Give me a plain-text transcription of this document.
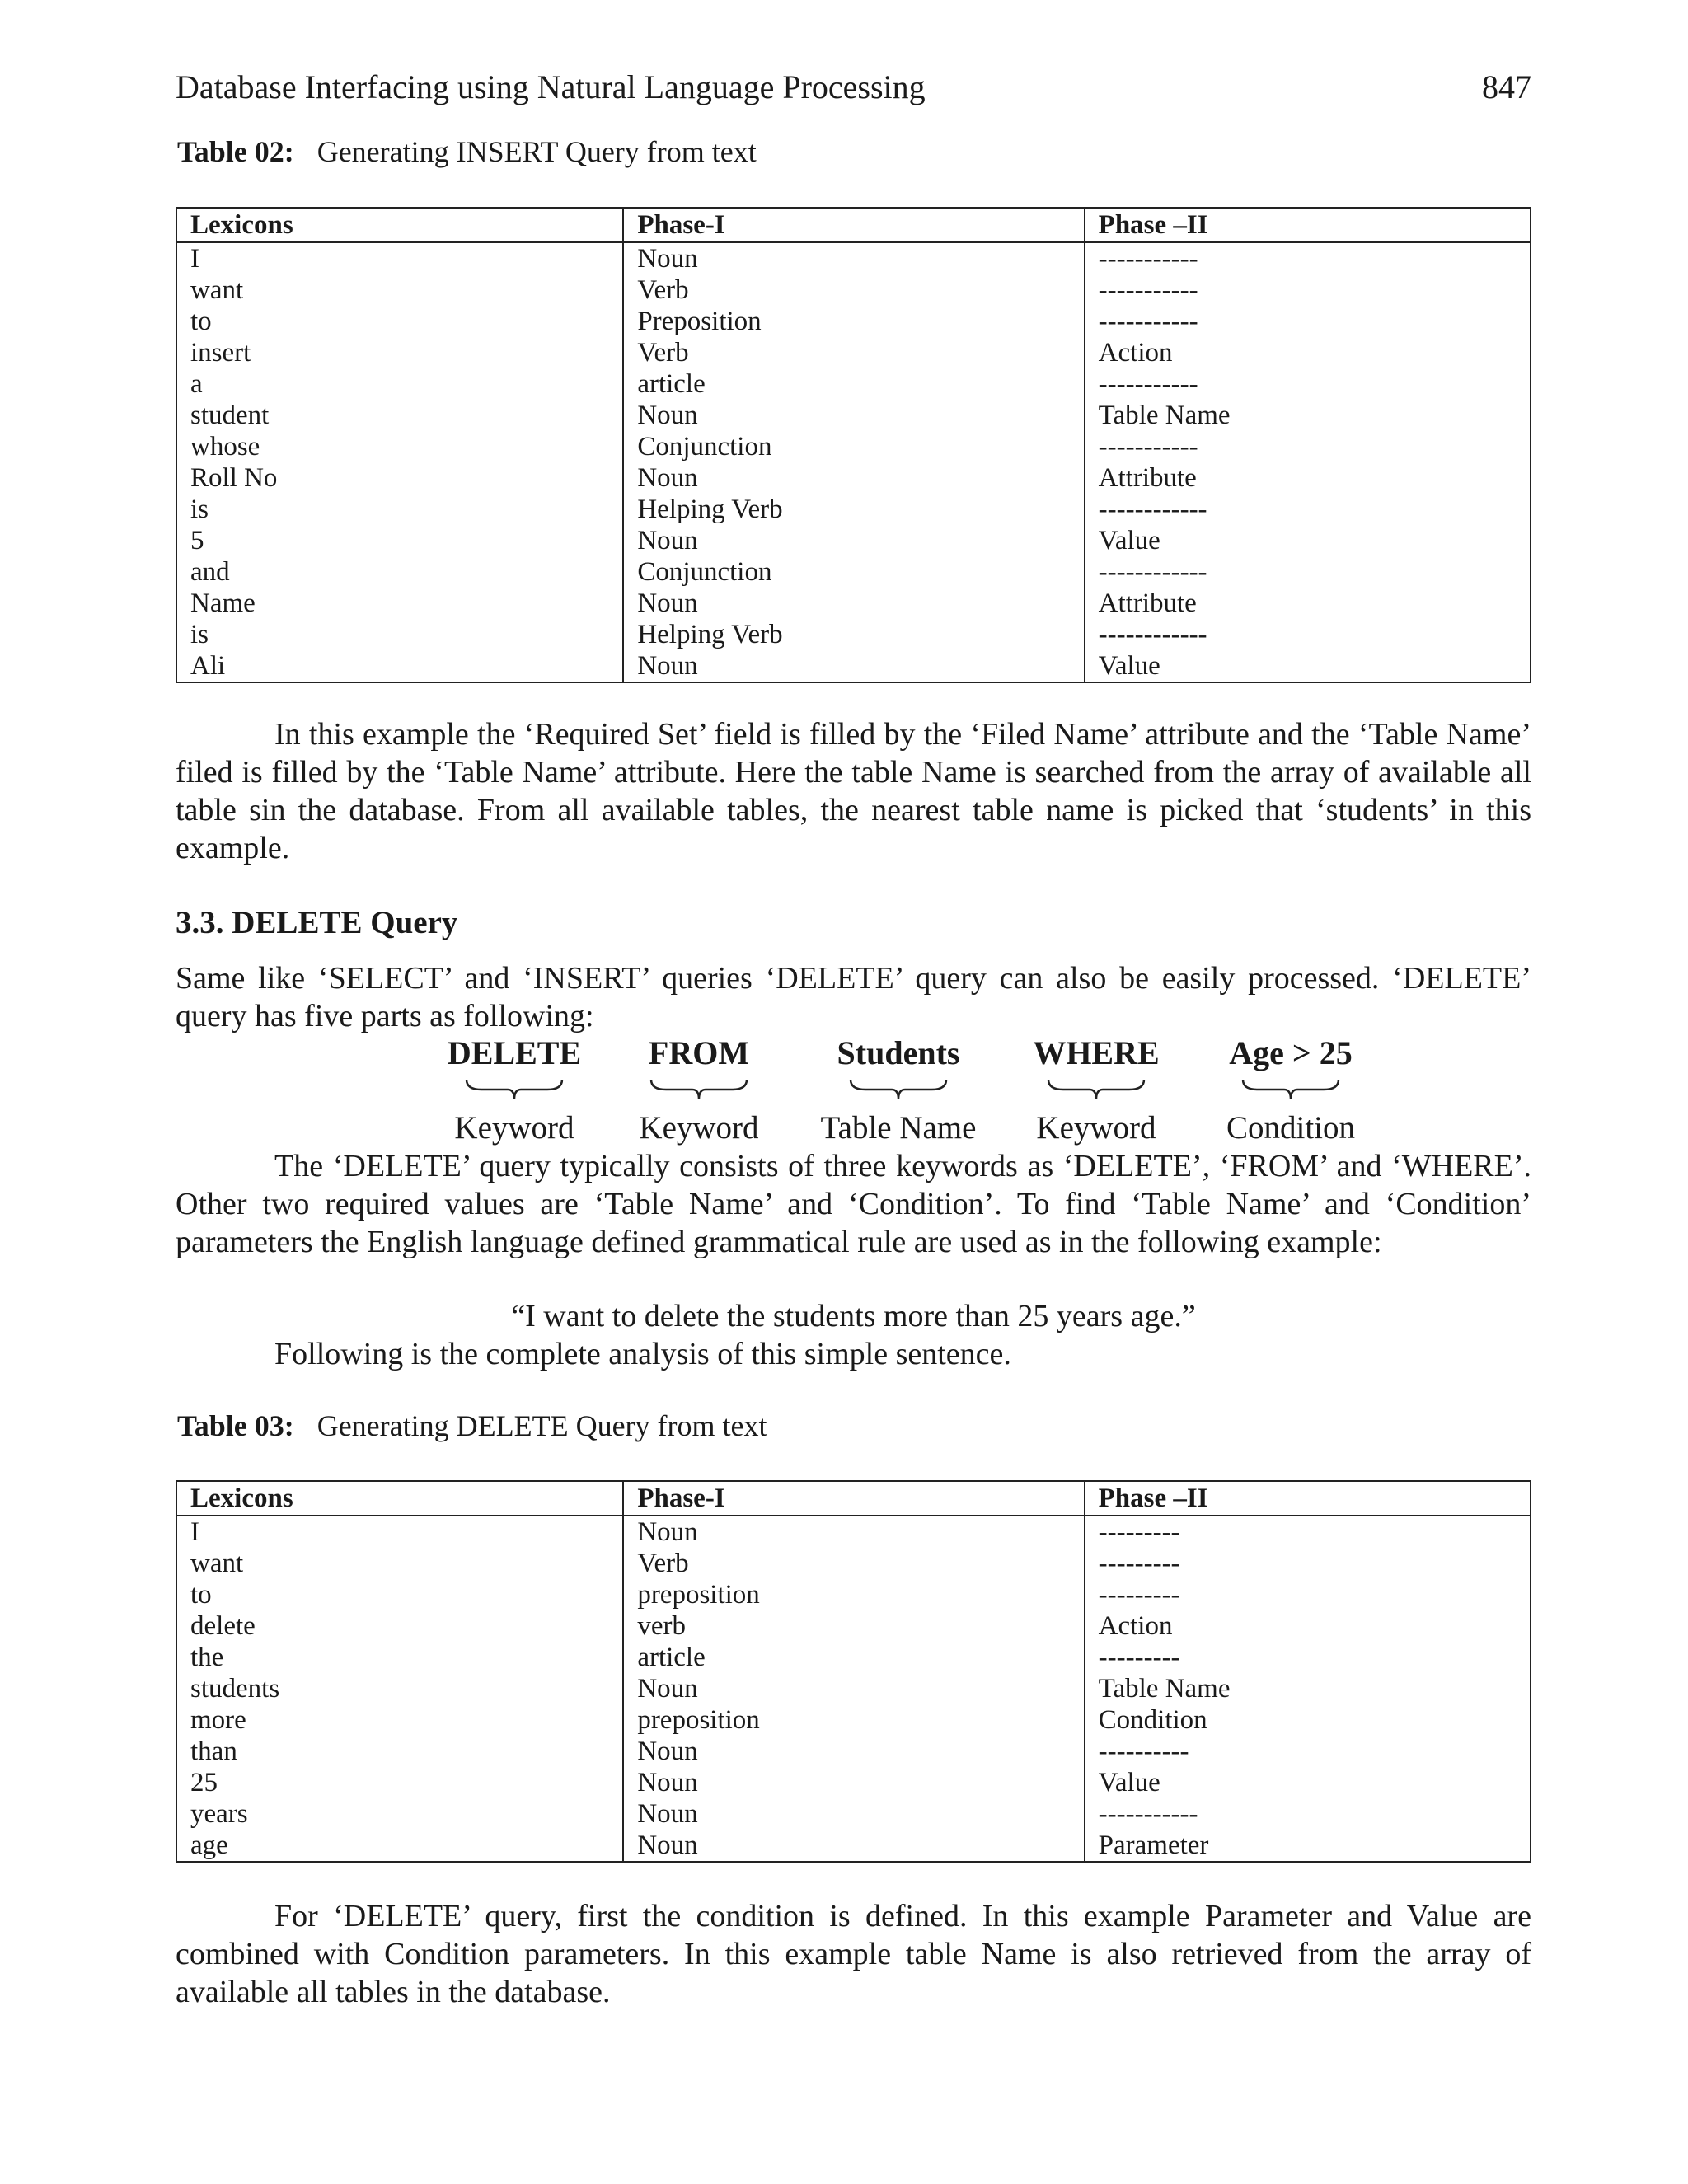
Database Interfacing using Natural Language Processing	847
Table 02: Generating INSERT Query from text
Lexicons	Phase-I	Phase –II
I	Noun	-----------
want	Verb	-----------
to	Preposition	-----------
insert	Verb	Action
a	article	-----------
student	Noun	Table Name
whose	Conjunction	-----------
Roll No	Noun	Attribute
is	Helping Verb	------------
5	Noun	Value
and	Conjunction	------------
Name	Noun	Attribute
is	Helping Verb	------------
Ali	Noun	Value
In this example the ‘Required Set’ field is filled by the ‘Filed Name’ attribute and the ‘Table Name’ filed is filled by the ‘Table Name’ attribute. Here the table Name is searched from the array of available all table sin the database. From all available tables, the nearest table name is picked that ‘students’ in this example.
3.3. DELETE Query
Same like ‘SELECT’ and ‘INSERT’ queries ‘DELETE’ query can also be easily processed. ‘DELETE’ query has five parts as following:
DELETE
Keyword
FROM
Keyword
Students
Table Name
WHERE
Keyword
Age > 25
Condition
The ‘DELETE’ query typically consists of three keywords as ‘DELETE’, ‘FROM’ and ‘WHERE’. Other two required values are ‘Table Name’ and ‘Condition’. To find ‘Table Name’ and ‘Condition’ parameters the English language defined grammatical rule are used as in the following example:
“I want to delete the students more than 25 years age.”
Following is the complete analysis of this simple sentence.
Table 03: Generating DELETE Query from text
Lexicons	Phase-I	Phase –II
I	Noun	---------
want	Verb	---------
to	preposition	---------
delete	verb	Action
the	article	---------
students	Noun	Table Name
more	preposition	Condition
than	Noun	----------
25	Noun	Value
years	Noun	-----------
age	Noun	Parameter
For ‘DELETE’ query, first the condition is defined. In this example Parameter and Value are combined with Condition parameters. In this example table Name is also retrieved from the array of available all tables in the database.
